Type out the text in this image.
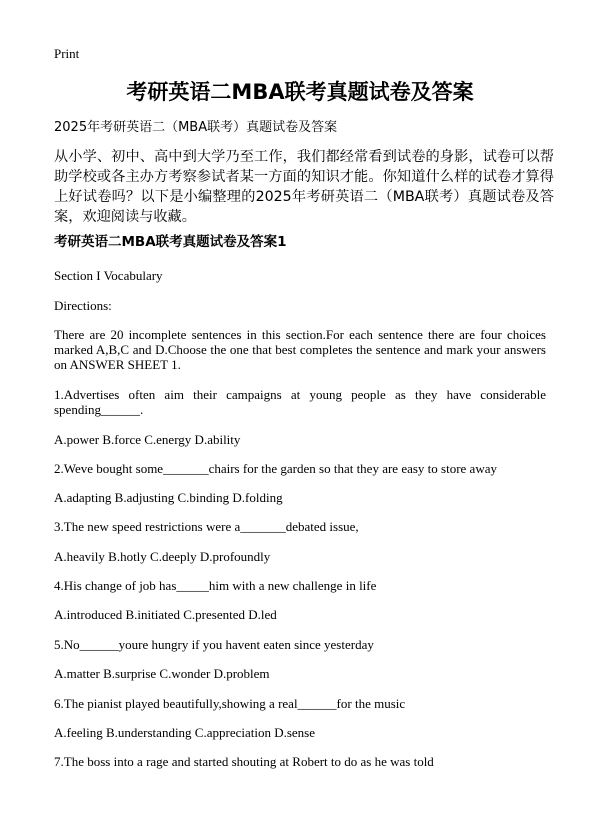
Print
考研英语二MBA联考真题试卷及答案
2025年考研英语二（MBA联考）真题试卷及答案
从小学、初中、高中到大学乃至工作，我们都经常看到试卷的身影，试卷可以帮助学校或各主办方考察参试者某一方面的知识才能。你知道什么样的试卷才算得上好试卷吗？以下是小编整理的2025年考研英语二（MBA联考）真题试卷及答案，欢迎阅读与收藏。
考研英语二MBA联考真题试卷及答案1
Section I Vocabulary
Directions:
There are 20 incomplete sentences in this section.For each sentence there are four choices marked A,B,C and D.Choose the one that best completes the sentence and mark your answers on ANSWER SHEET 1.
1.Advertises often aim their campaigns at young people as they have considerable spending______.
A.power B.force C.energy D.ability
2.Weve bought some_______chairs for the garden so that they are easy to store away
A.adapting B.adjusting C.binding D.folding
3.The new speed restrictions were a_______debated issue,
A.heavily B.hotly C.deeply D.profoundly
4.His change of job has_____him with a new challenge in life
A.introduced B.initiated C.presented D.led
5.No______youre hungry if you havent eaten since yesterday
A.matter B.surprise C.wonder D.problem
6.The pianist played beautifully,showing a real______for the music
A.feeling B.understanding C.appreciation D.sense
7.The boss into a rage and started shouting at Robert to do as he was told
